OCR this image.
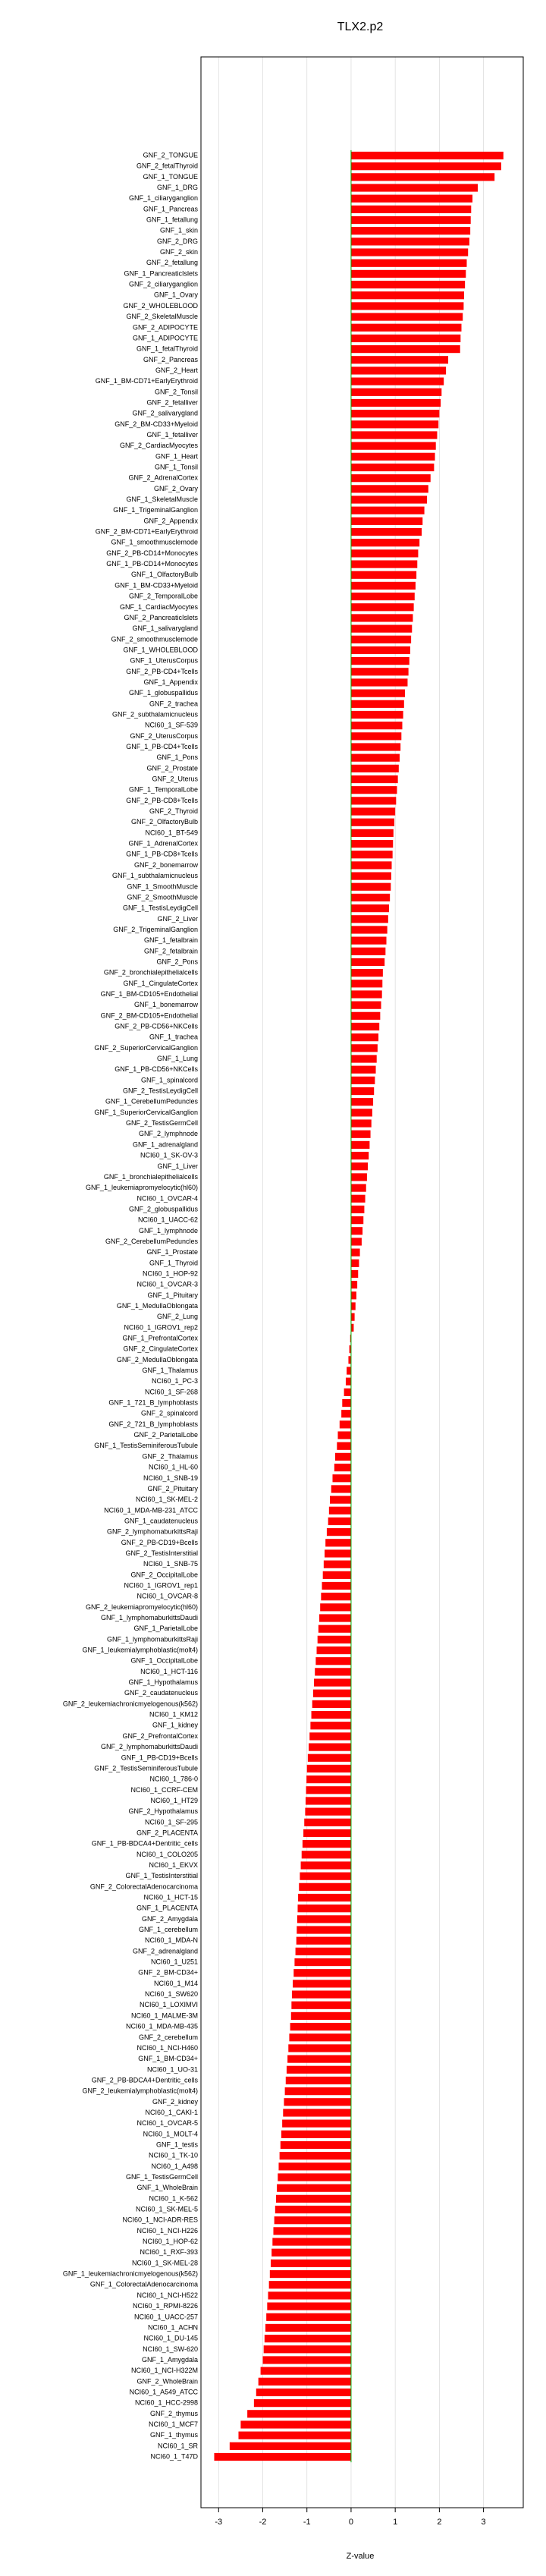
TLX2.p2
GNF_2_TONGUE
GNF_2_fetalThyroid
GNF_1_TONGUE
GNF_1_DRG
GNF_1_ciliaryganglion
GNF_1_Pancreas
GNF_1_fetallung
GNF_1_skin
GNF_2_DRG
GNF_2_skin
GNF_2_fetallung
GNF_1_PancreaticIslets
GNF_2_ciliaryganglion
GNF_1_Ovary
GNF_2_WHOLEBLOOD
GNF_2_SkeletalMuscle
GNF_2_ADIPOCYTE
GNF_1_ADIPOCYTE
GNF_1_fetalThyroid
GNF_2_Pancreas
GNF_2_Heart
GNF_1_BM-CD71+EarlyErythroid
GNF_2_Tonsil
GNF_2_fetalliver
GNF_2_salivarygland
GNF_2_BM-CD33+Myeloid
GNF_1_fetalliver
GNF_2_CardiacMyocytes
GNF_1_Heart
GNF_1_Tonsil
GNF_2_AdrenalCortex
GNF_2_Ovary
GNF_1_SkeletalMuscle
GNF_1_TrigeminalGanglion
GNF_2_Appendix
GNF_2_BM-CD71+EarlyErythroid
GNF_1_smoothmusclemode
GNF_2_PB-CD14+Monocytes
GNF_1_PB-CD14+Monocytes
GNF_1_OlfactoryBulb
GNF_1_BM-CD33+Myeloid
GNF_2_TemporalLobe
GNF_1_CardiacMyocytes
GNF_2_PancreaticIslets
GNF_1_salivarygland
GNF_2_smoothmusclemode
GNF_1_WHOLEBLOOD
GNF_1_UterusCorpus
GNF_2_PB-CD4+Tcells
GNF_1_Appendix
GNF_1_globuspallidus
GNF_2_trachea
GNF_2_subthalamicnucleus
NCI60_1_SF-539
GNF_2_UterusCorpus
GNF_1_PB-CD4+Tcells
GNF_1_Pons
GNF_2_Prostate
GNF_2_Uterus
GNF_1_TemporalLobe
GNF_2_PB-CD8+Tcells
GNF_2_Thyroid
GNF_2_OlfactoryBulb
NCI60_1_BT-549
GNF_1_AdrenalCortex
GNF_1_PB-CD8+Tcells
GNF_2_bonemarrow
GNF_1_subthalamicnucleus
GNF_1_SmoothMuscle
GNF_2_SmoothMuscle
GNF_1_TestisLeydigCell
GNF_2_Liver
GNF_2_TrigeminalGanglion
GNF_1_fetalbrain
GNF_2_fetalbrain
GNF_2_Pons
GNF_2_bronchialepithelialcells
GNF_1_CingulateCortex
GNF_1_BM-CD105+Endothelial
GNF_1_bonemarrow
GNF_2_BM-CD105+Endothelial
GNF_2_PB-CD56+NKCells
GNF_1_trachea
GNF_2_SuperiorCervicalGanglion
GNF_1_Lung
GNF_1_PB-CD56+NKCells
GNF_1_spinalcord
GNF_2_TestisLeydigCell
GNF_1_CerebellumPeduncles
GNF_1_SuperiorCervicalGanglion
GNF_2_TestisGermCell
GNF_2_lymphnode
GNF_1_adrenalgland
NCI60_1_SK-OV-3
GNF_1_Liver
GNF_1_bronchialepithelialcells
GNF_1_leukemiapromyelocytic(hl60)
NCI60_1_OVCAR-4
GNF_2_globuspallidus
NCI60_1_UACC-62
GNF_1_lymphnode
GNF_2_CerebellumPeduncles
GNF_1_Prostate
GNF_1_Thyroid
NCI60_1_HOP-92
NCI60_1_OVCAR-3
GNF_1_Pituitary
GNF_1_MedullaOblongata
GNF_2_Lung
NCI60_1_IGROV1_rep2
GNF_1_PrefrontalCortex
GNF_2_CingulateCortex
GNF_2_MedullaOblongata
GNF_1_Thalamus
NCI60_1_PC-3
NCI60_1_SF-268
GNF_1_721_B_lymphoblasts
GNF_2_spinalcord
GNF_2_721_B_lymphoblasts
GNF_2_ParietalLobe
GNF_1_TestisSeminiferousTubule
GNF_2_Thalamus
NCI60_1_HL-60
NCI60_1_SNB-19
GNF_2_Pituitary
NCI60_1_SK-MEL-2
NCI60_1_MDA-MB-231_ATCC
GNF_1_caudatenucleus
GNF_2_lymphomaburkittsRaji
GNF_2_PB-CD19+Bcells
GNF_2_TestisInterstitial
NCI60_1_SNB-75
GNF_2_OccipitalLobe
NCI60_1_IGROV1_rep1
NCI60_1_OVCAR-8
GNF_2_leukemiapromyelocytic(hl60)
GNF_1_lymphomaburkittsDaudi
GNF_1_ParietalLobe
GNF_1_lymphomaburkittsRaji
GNF_1_leukemialymphoblastic(molt4)
GNF_1_OccipitalLobe
NCI60_1_HCT-116
GNF_1_Hypothalamus
GNF_2_caudatenucleus
GNF_2_leukemiachronicmyelogenous(k562)
NCI60_1_KM12
GNF_1_kidney
GNF_2_PrefrontalCortex
GNF_2_lymphomaburkittsDaudi
GNF_1_PB-CD19+Bcells
GNF_2_TestisSeminiferousTubule
NCI60_1_786-0
NCI60_1_CCRF-CEM
NCI60_1_HT29
GNF_2_Hypothalamus
NCI60_1_SF-295
GNF_2_PLACENTA
GNF_1_PB-BDCA4+Dentritic_cells
NCI60_1_COLO205
NCI60_1_EKVX
GNF_1_TestisInterstitial
GNF_2_ColorectalAdenocarcinoma
NCI60_1_HCT-15
GNF_1_PLACENTA
GNF_2_Amygdala
GNF_1_cerebellum
NCI60_1_MDA-N
GNF_2_adrenalgland
NCI60_1_U251
GNF_2_BM-CD34+
NCI60_1_M14
NCI60_1_SW620
NCI60_1_LOXIMVI
NCI60_1_MALME-3M
NCI60_1_MDA-MB-435
GNF_2_cerebellum
NCI60_1_NCI-H460
GNF_1_BM-CD34+
NCI60_1_UO-31
GNF_2_PB-BDCA4+Dentritic_cells
GNF_2_leukemialymphoblastic(molt4)
GNF_2_kidney
NCI60_1_CAKI-1
NCI60_1_OVCAR-5
NCI60_1_MOLT-4
GNF_1_testis
NCI60_1_TK-10
NCI60_1_A498
GNF_1_TestisGermCell
GNF_1_WholeBrain
NCI60_1_K-562
NCI60_1_SK-MEL-5
NCI60_1_NCI-ADR-RES
NCI60_1_NCI-H226
NCI60_1_HOP-62
NCI60_1_RXF-393
NCI60_1_SK-MEL-28
GNF_1_leukemiachronicmyelogenous(k562)
GNF_1_ColorectalAdenocarcinoma
NCI60_1_NCI-H522
NCI60_1_RPMI-8226
NCI60_1_UACC-257
NCI60_1_ACHN
NCI60_1_DU-145
NCI60_1_SW-620
GNF_1_Amygdala
NCI60_1_NCI-H322M
GNF_2_WholeBrain
NCI60_1_A549_ATCC
NCI60_1_HCC-2998
GNF_2_thymus
NCI60_1_MCF7
GNF_1_thymus
NCI60_1_SR
NCI60_1_T47D
-3	-2	-1	0	1	2	3
Z-value
